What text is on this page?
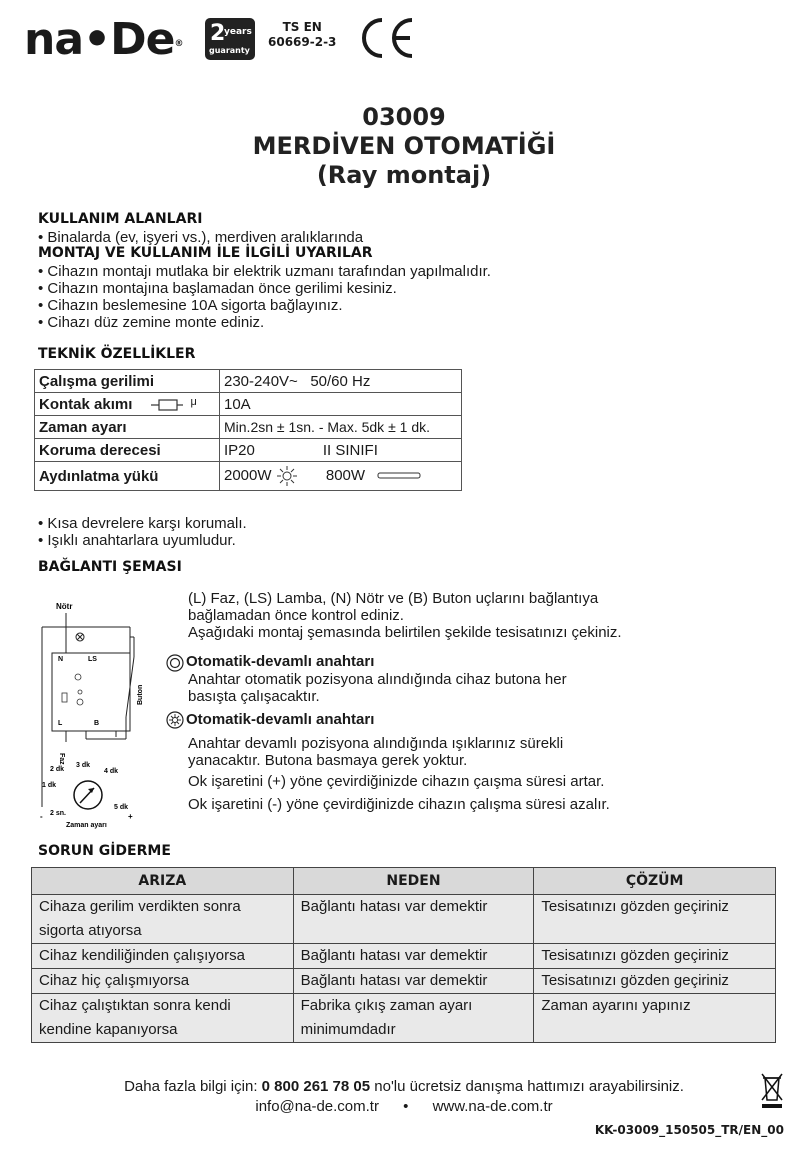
na•De® 2
years
guaranty
TS EN
60669-2-3
03009
MERDİVEN OTOMATİĞİ
(Ray montaj)
KULLANIM ALANLARI
• Binalarda (ev, işyeri vs.), merdiven aralıklarında
MONTAJ VE KULLANIM İLE İLGİLİ UYARILAR
• Cihazın montajı mutlaka bir elektrik uzmanı tarafından yapılmalıdır.
• Cihazın montajına başlamadan önce gerilimi kesiniz.
• Cihazın beslemesine 10A sigorta bağlayınız.
• Cihazı düz zemine monte ediniz.
TEKNİK ÖZELLİKLER
Çalışma gerilimi	230-240V~   50/60 Hz
Kontak akımı $^\mu$	10A
Zaman ayarı	Min.2sn ± 1sn. - Max. 5dk ± 1 dk.
Koruma derecesi	IP20 II SINIFI
Aydınlatma yükü	2000W 800W
• Kısa devrelere karşı korumalı.
• Işıklı anahtarlara uyumludur.
BAĞLANTI ŞEMASI
Nötr
N	LS
L	B
Buton
Faz
2 dk
3 dk
4 dk
1 dk
2 sn.
5 dk
-	+
Zaman ayarı
(L) Faz, (LS) Lamba, (N) Nötr ve (B) Buton uçlarını bağlantıya
bağlamadan önce kontrol ediniz.
Aşağıdaki montaj şemasında belirtilen şekilde tesisatınızı çekiniz.
Otomatik-devamlı anahtarı
Anahtar otomatik pozisyona alındığında cihaz butona her
basışta çalışacaktır.
Otomatik-devamlı anahtarı
Anahtar devamlı pozisyona alındığında ışıklarınız sürekli
yanacaktır. Butona basmaya gerek yoktur.
Ok işaretini (+) yöne çevirdiğinizde cihazın çaışma süresi artar.
Ok işaretini (-) yöne çevirdiğinizde cihazın çalışma süresi azalır.
SORUN GİDERME
ARIZA	NEDEN	ÇÖZÜM
Cihaza gerilim verdikten sonra sigorta atıyorsa	Bağlantı hatası var demektir	Tesisatınızı gözden geçiriniz
Cihaz kendiliğinden çalışıyorsa	Bağlantı hatası var demektir	Tesisatınızı gözden geçiriniz
Cihaz hiç çalışmıyorsa	Bağlantı hatası var demektir	Tesisatınızı gözden geçiriniz
Cihaz çalıştıktan sonra kendi kendine kapanıyorsa	Fabrika çıkış zaman ayarı minimumdadır	Zaman ayarını yapınız
Daha fazla bilgi için: 0 800 261 78 05 no'lu ücretsiz danışma hattımızı arayabilirsiniz.
info@na-de.com.tr • www.na-de.com.tr
KK-03009_150505_TR/EN_00
